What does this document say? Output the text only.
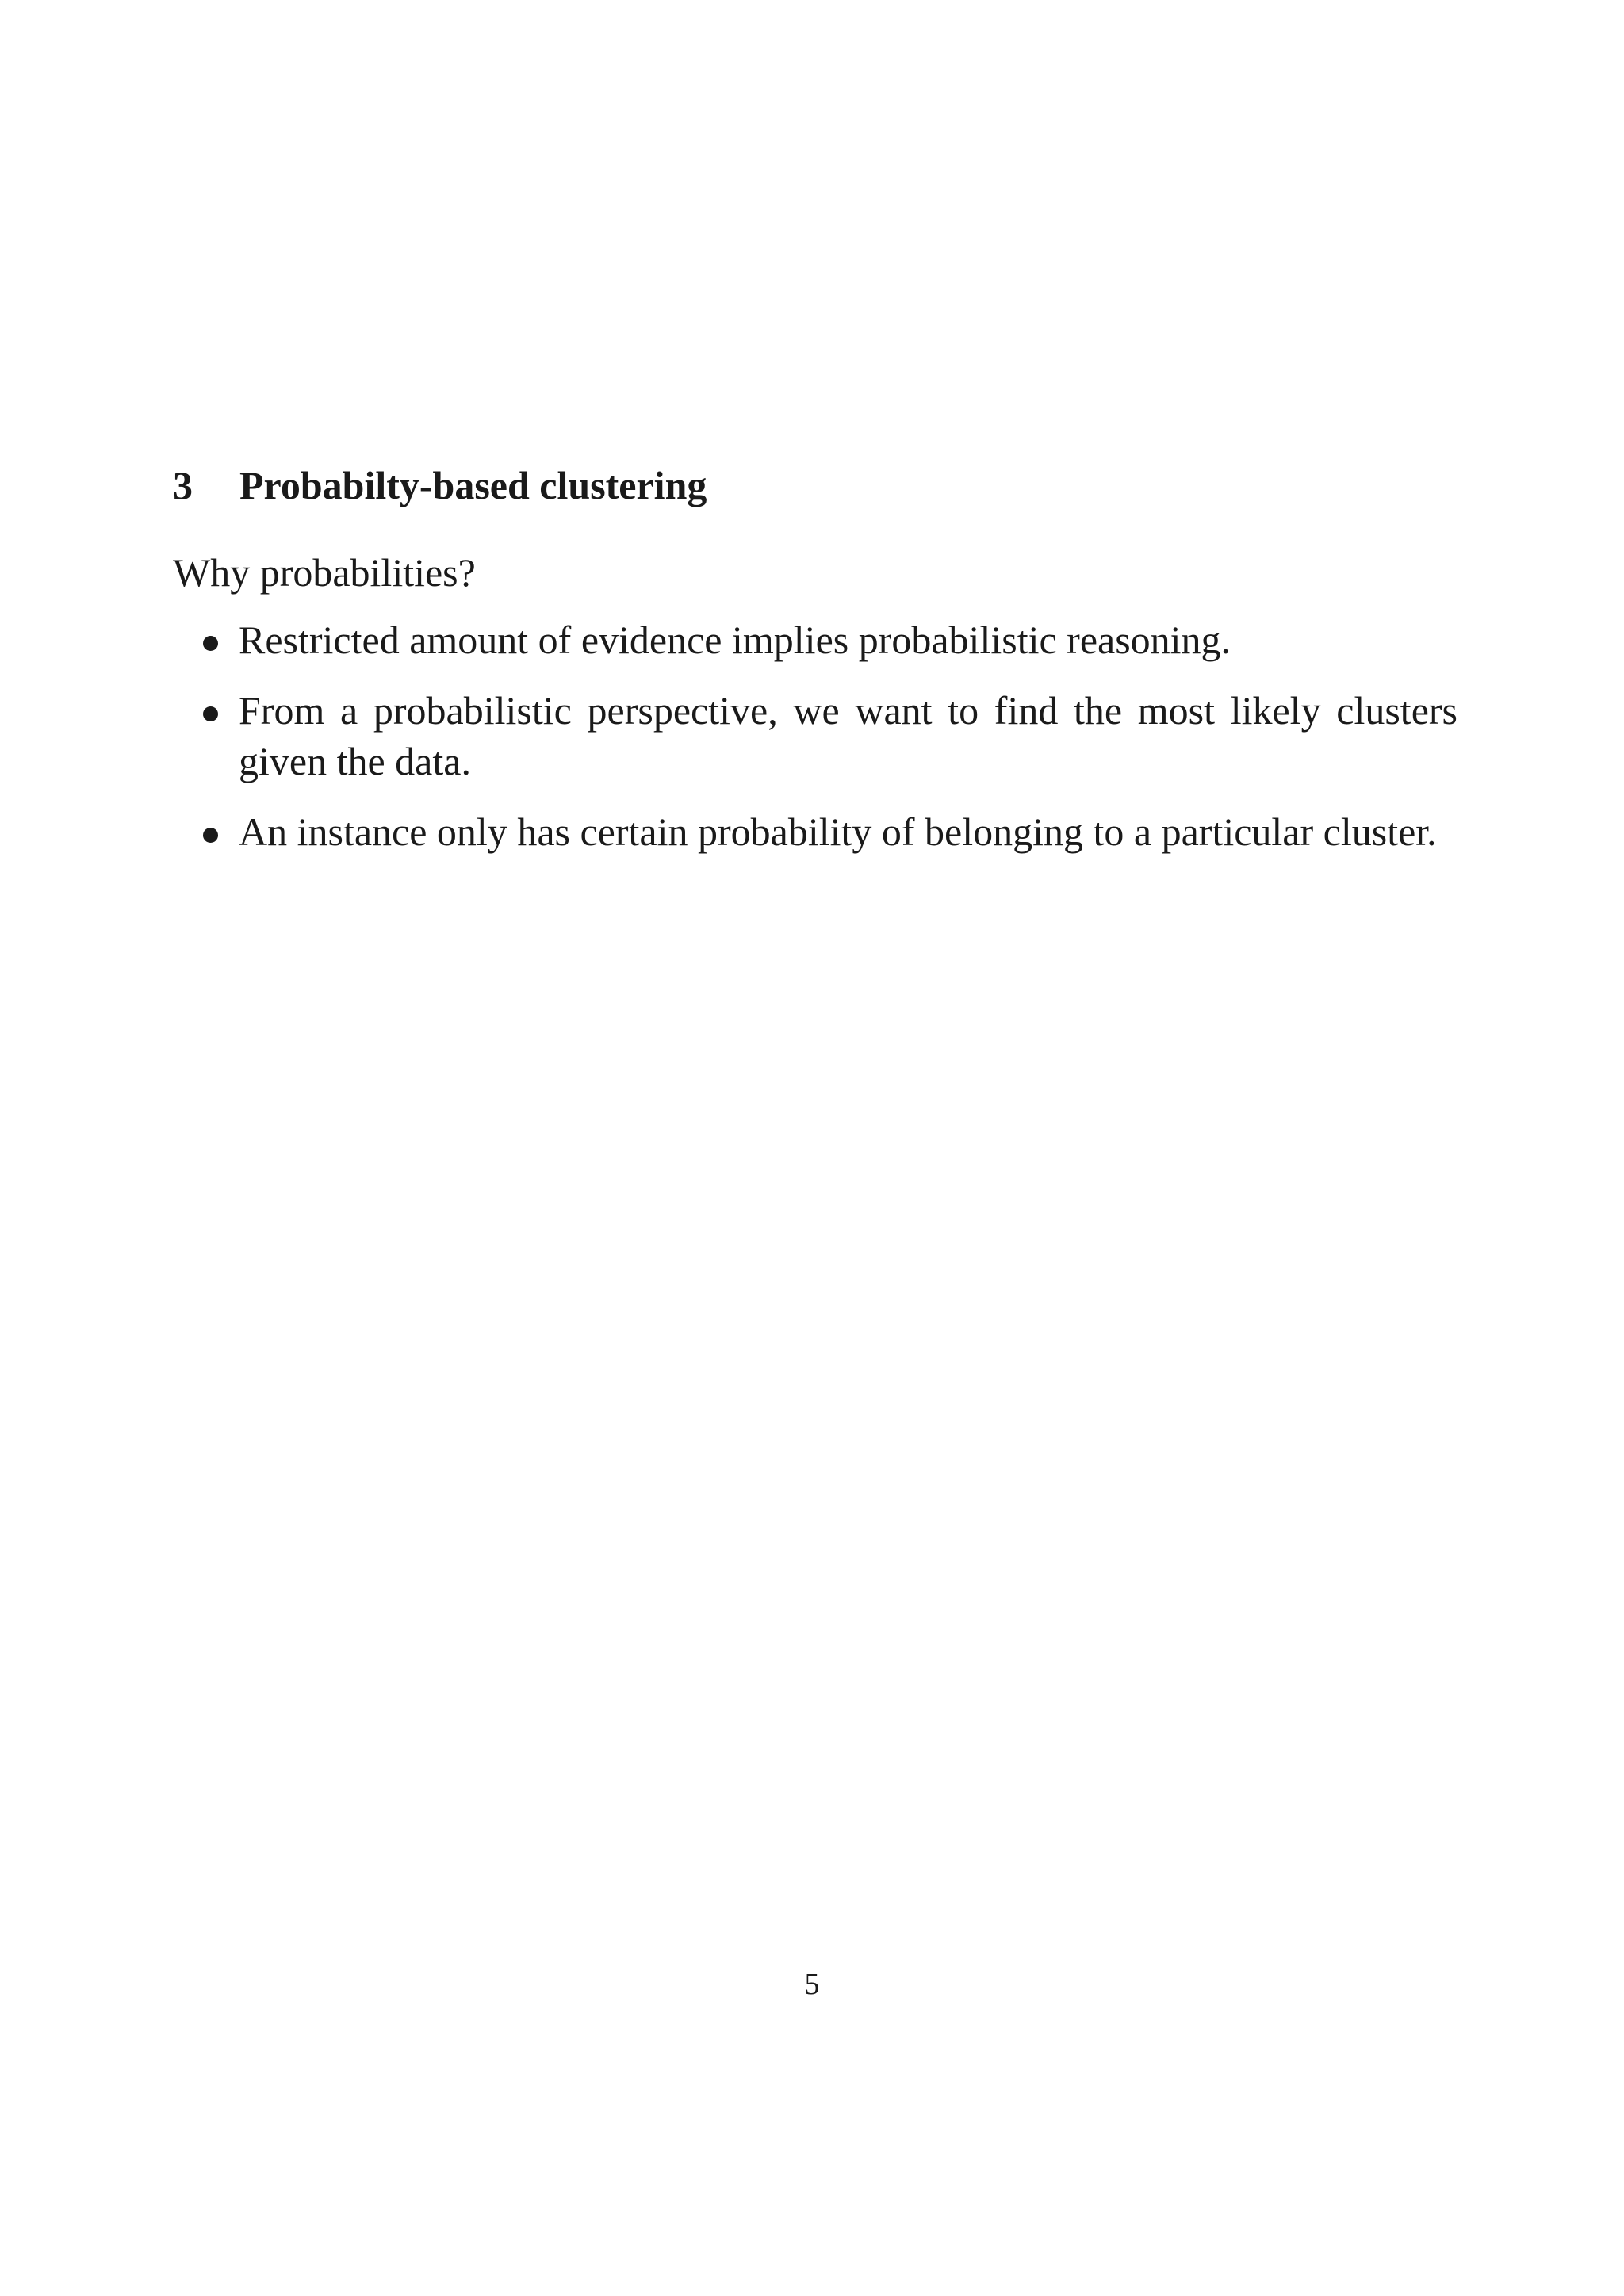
3 Probabilty-based clustering

Why probabilities?

Restricted amount of evidence implies probabilistic reasoning.
From a probabilistic perspective, we want to find the most likely clusters given the data.
An instance only has certain probability of belonging to a particular cluster.
5
